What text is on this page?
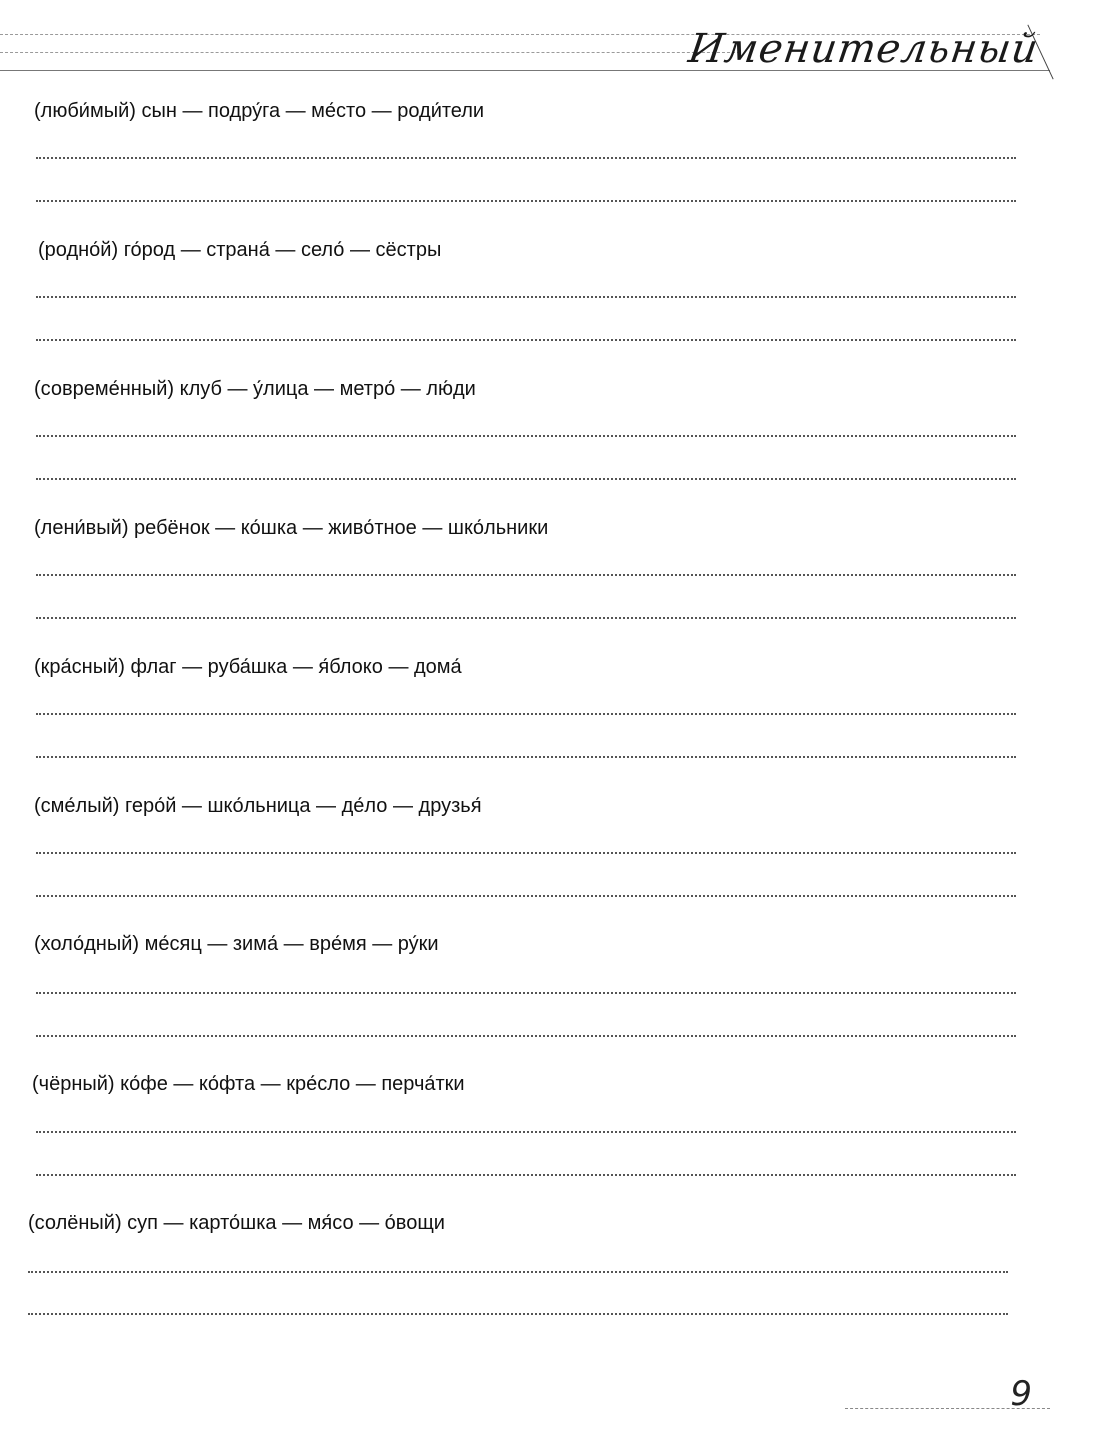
Именительный
(люби́мый) сын — подру́га — ме́сто — роди́тели
(родно́й) го́род — страна́ — село́ — сёстры
(совреме́нный) клуб — у́лица — метро́ — лю́ди
(лени́вый) ребёнок — ко́шка — живо́тное — шко́льники
(кра́сный) флаг — руба́шка — я́блоко — дома́
(сме́лый) геро́й — шко́льница — де́ло — друзья́
(холо́дный) ме́сяц — зима́ — вре́мя — ру́ки
(чёрный) ко́фе — ко́фта — кре́сло — перча́тки
(солёный) суп — карто́шка — мя́со — о́вощи
9
